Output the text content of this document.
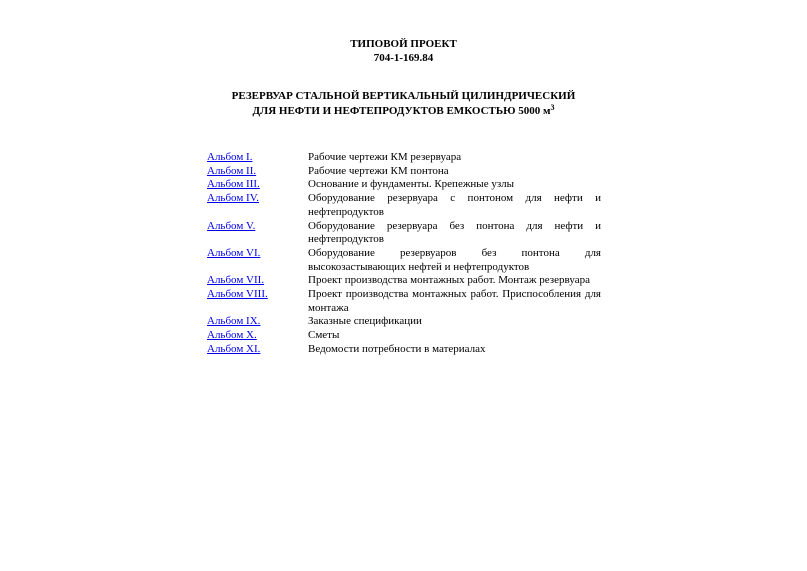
ТИПОВОЙ ПРОЕКТ
704-1-169.84
РЕЗЕРВУАР СТАЛЬНОЙ ВЕРТИКАЛЬНЫЙ ЦИЛИНДРИЧЕСКИЙ
ДЛЯ НЕФТИ И НЕФТЕПРОДУКТОВ ЕМКОСТЬЮ 5000 $м^3$
Альбом I.	Рабочие чертежи КМ резервуара
Альбом II.	Рабочие чертежи КМ понтона
Альбом III.	Основание и фундаменты. Крепежные узлы
Альбом IV.	Оборудование резервуара с понтоном для нефти и нефтепродуктов
Альбом V.	Оборудование резервуара без понтона для нефти и нефтепродуктов
Альбом VI.	Оборудование резервуаров без понтона для высокозастывающих нефтей и нефтепродуктов
Альбом VII.	Проект производства монтажных работ. Монтаж резервуара
Альбом VIII.	Проект производства монтажных работ. Приспособления для монтажа
Альбом IX.	Заказные спецификации
Альбом X.	Сметы
Альбом XI.	Ведомости потребности в материалах
